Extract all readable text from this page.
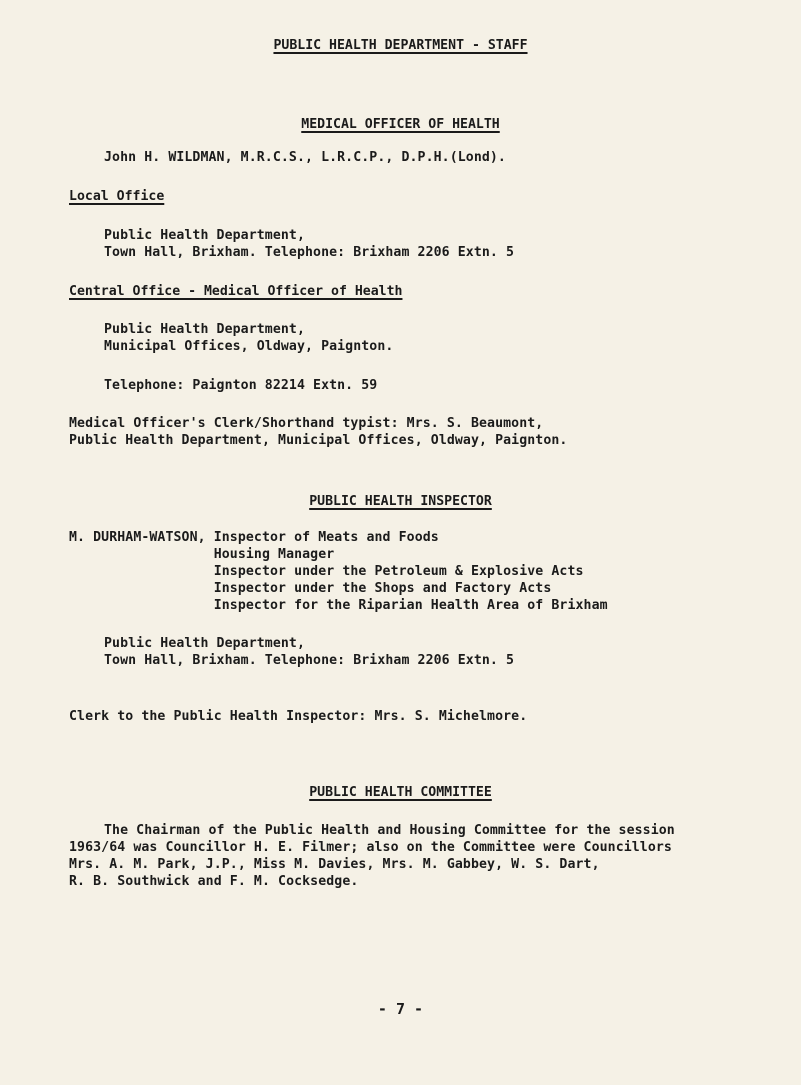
PUBLIC HEALTH DEPARTMENT - STAFF
MEDICAL OFFICER OF HEALTH
John H. WILDMAN, M.R.C.S., L.R.C.P., D.P.H.(Lond).
Local Office
Public Health Department,
Town Hall, Brixham. Telephone: Brixham 2206 Extn. 5
Central Office - Medical Officer of Health
Public Health Department,
Municipal Offices, Oldway, Paignton.
Telephone: Paignton 82214 Extn. 59
Medical Officer's Clerk/Shorthand typist: Mrs. S. Beaumont,
Public Health Department, Municipal Offices, Oldway, Paignton.
PUBLIC HEALTH INSPECTOR
M. DURHAM-WATSON, Inspector of Meats and Foods
Housing Manager
Inspector under the Petroleum & Explosive Acts
Inspector under the Shops and Factory Acts
Inspector for the Riparian Health Area of Brixham
Public Health Department,
Town Hall, Brixham. Telephone: Brixham 2206 Extn. 5
Clerk to the Public Health Inspector: Mrs. S. Michelmore.
PUBLIC HEALTH COMMITTEE
The Chairman of the Public Health and Housing Committee for the session
1963/64 was Councillor H. E. Filmer; also on the Committee were Councillors
Mrs. A. M. Park, J.P., Miss M. Davies, Mrs. M. Gabbey, W. S. Dart,
R. B. Southwick and F. M. Cocksedge.
- 7 -
